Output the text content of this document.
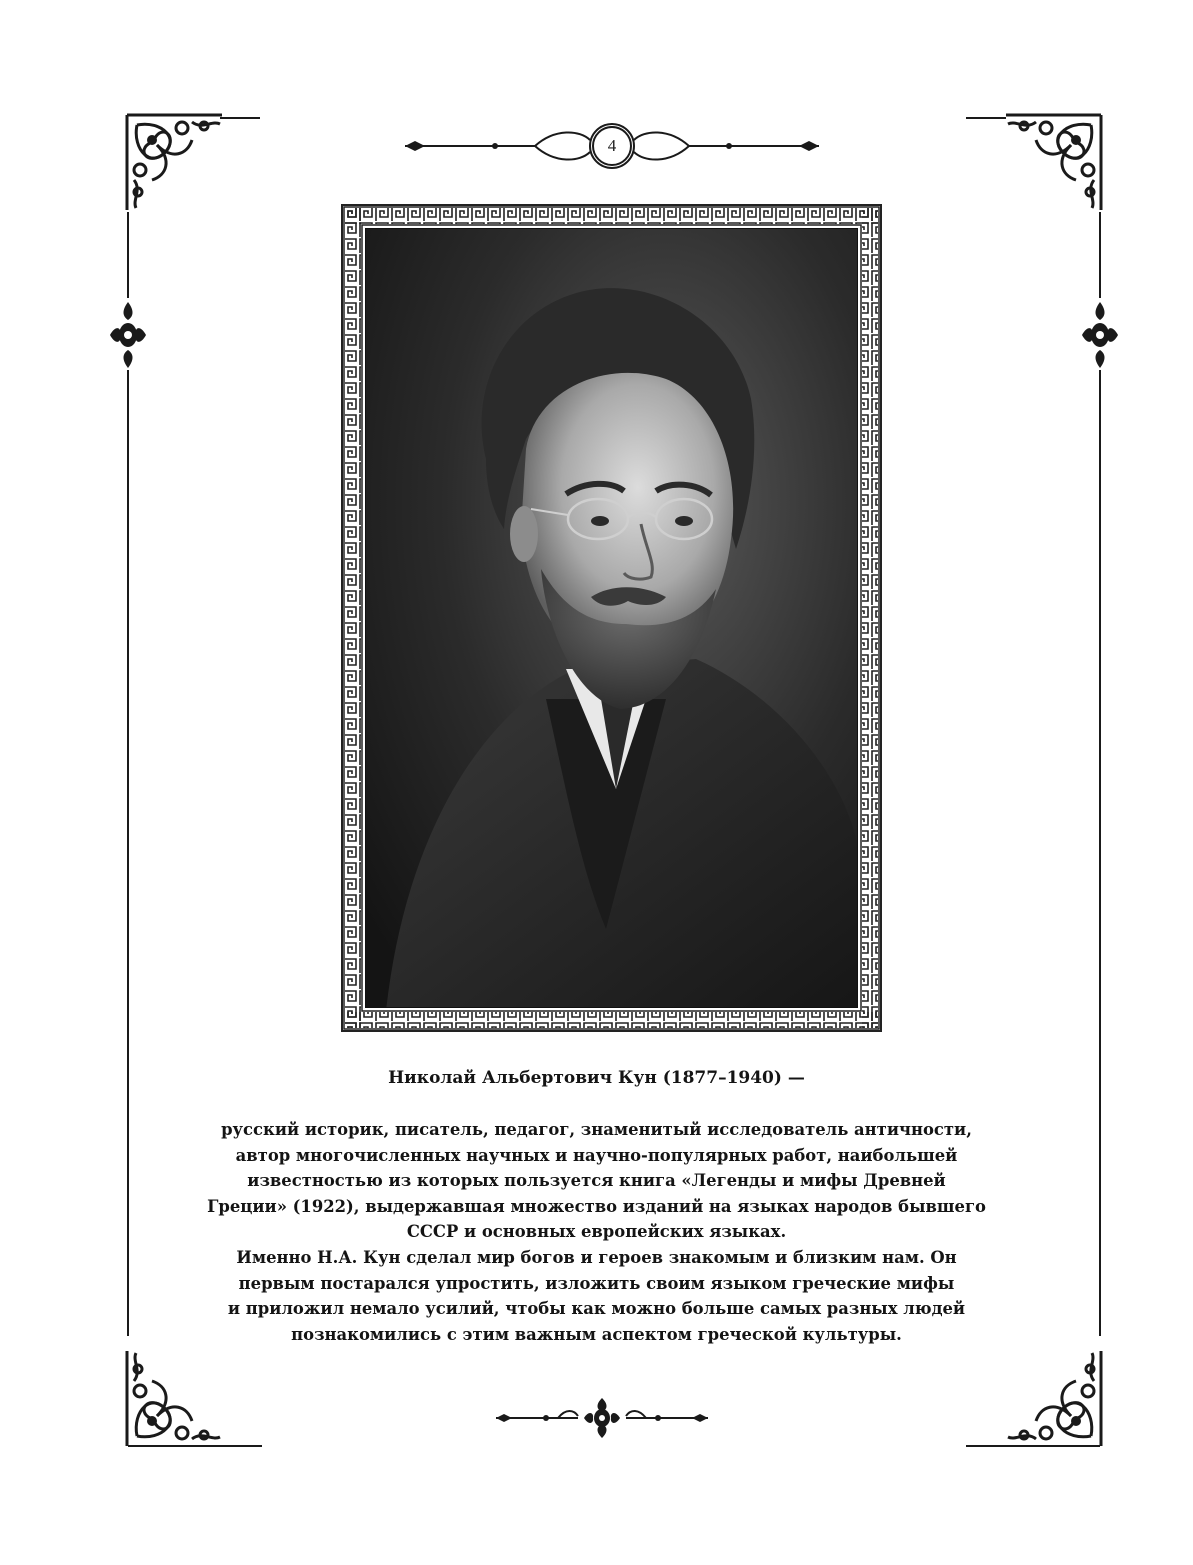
4
Николай Альбертович Кун (1877–1940) —

русский историк, писатель, педагог, знаменитый исследователь античности,

автор многочисленных научных и научно-популярных работ, наибольшей

известностью из которых пользуется книга «Легенды и мифы Древней

Греции» (1922), выдержавшая множество изданий на языках народов бывшего

СССР и основных европейских языках.

Именно Н.А. Кун сделал мир богов и героев знакомым и близким нам. Он

первым постарался упростить, изложить своим языком греческие мифы

и приложил немало усилий, чтобы как можно больше самых разных людей

познакомились с этим важным аспектом греческой культуры.
